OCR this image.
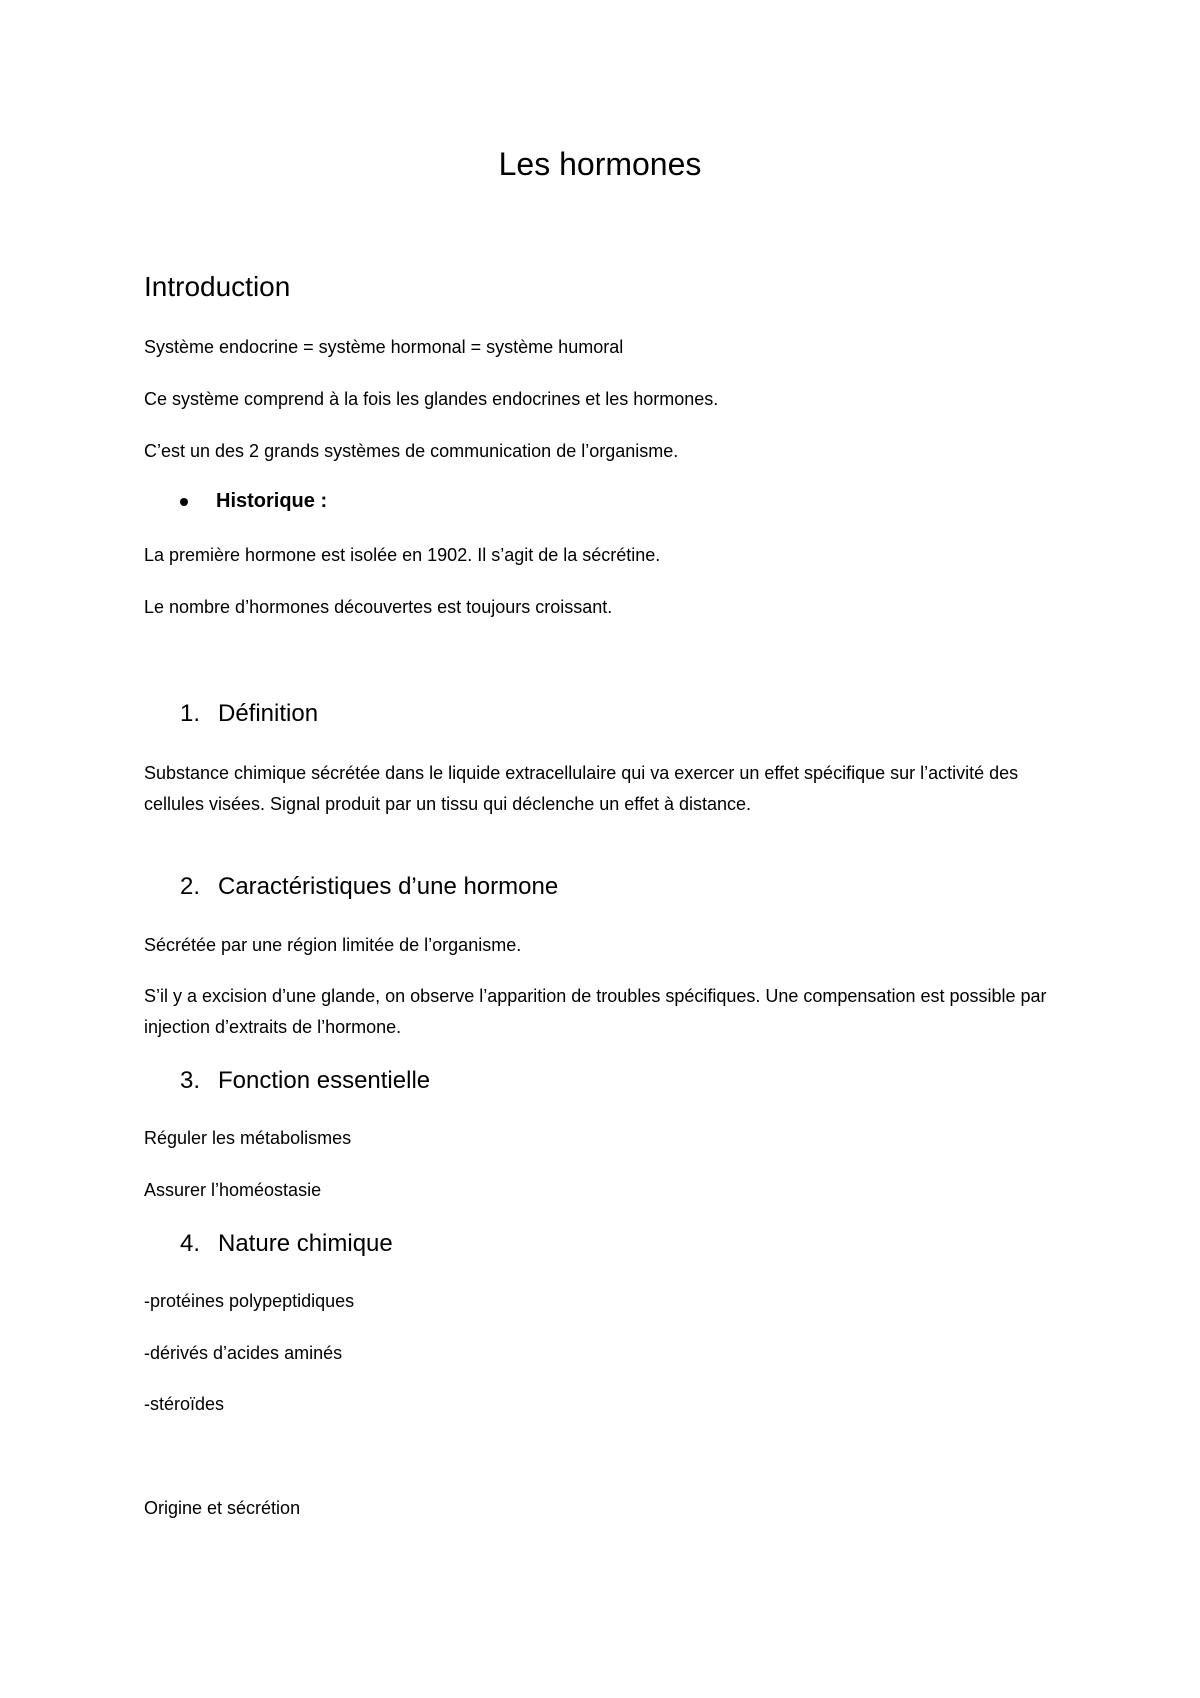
Les hormones
Introduction

Système endocrine = système hormonal = système humoral

Ce système comprend à la fois les glandes endocrines et les hormones.

C’est un des 2 grands systèmes de communication de l’organisme.

Historique :

La première hormone est isolée en 1902. Il s’agit de la sécrétine.

Le nombre d’hormones découvertes est toujours croissant.

1. Définition

Substance chimique sécrétée dans le liquide extracellulaire qui va exercer un effet spécifique sur l’activité des cellules visées. Signal produit par un tissu qui déclenche un effet à distance.

2. Caractéristiques d’une hormone

Sécrétée par une région limitée de l’organisme.

S’il y a excision d’une glande, on observe l’apparition de troubles spécifiques. Une compensation est possible par injection d’extraits de l’hormone.

3. Fonction essentielle

Réguler les métabolismes

Assurer l’homéostasie

4. Nature chimique

-protéines polypeptidiques

-dérivés d’acides aminés

-stéroïdes

Origine et sécrétion
